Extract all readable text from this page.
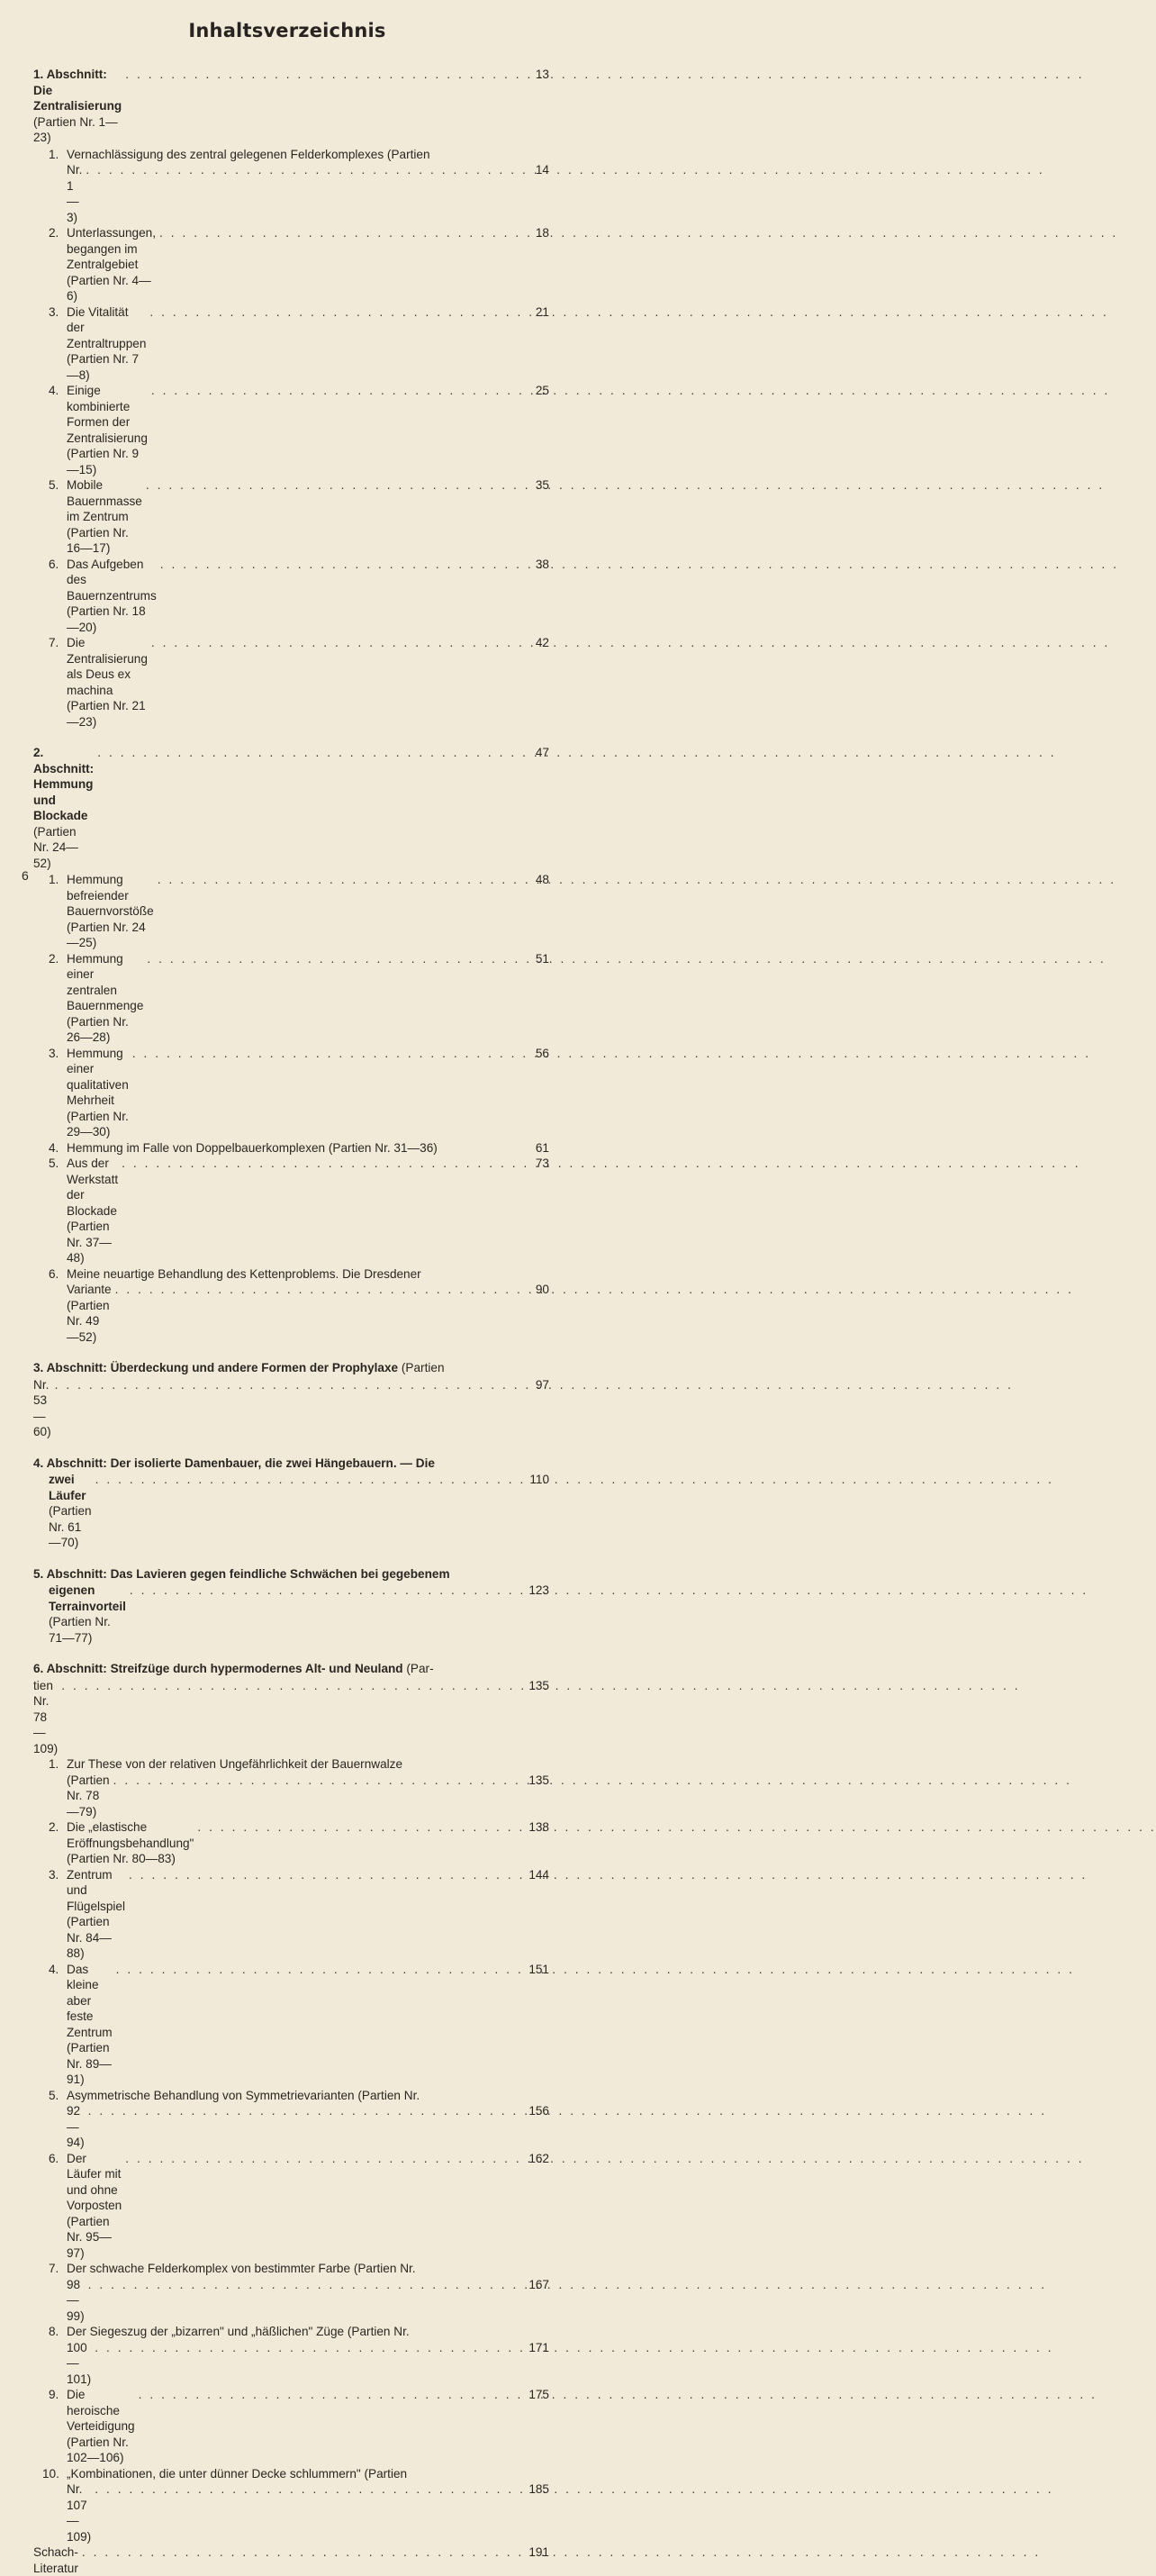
Inhaltsverzeichnis
1. Abschnitt: Die Zentralisierung (Partien Nr. 1—23)
. . .
13
1. Vernachlässigung des zentral gelegenen Felderkomplexes (Partien
Nr. 1—3)
. . .
14
2. Unterlassungen, begangen im Zentralgebiet (Partien Nr. 4—6)
. . .
18
3. Die Vitalität der Zentraltruppen (Partien Nr. 7—8)
. . .
21
4. Einige kombinierte Formen der Zentralisierung (Partien Nr. 9—15)
. . .
25
5. Mobile Bauernmasse im Zentrum (Partien Nr. 16—17)
. . .
35
6. Das Aufgeben des Bauernzentrums (Partien Nr. 18—20)
. . .
38
7. Die Zentralisierung als Deus ex machina (Partien Nr. 21—23)
. . .
42
2. Abschnitt: Hemmung und Blockade (Partien Nr. 24—52)
. . .
47
1. Hemmung befreiender Bauernvorstöße (Partien Nr. 24—25)
. . .
48
2. Hemmung einer zentralen Bauernmenge (Partien Nr. 26—28)
. . .
51
3. Hemmung einer qualitativen Mehrheit (Partien Nr. 29—30)
. . .
56
4. Hemmung im Falle von Doppelbauerkomplexen (Partien Nr. 31—36)	61
5. Aus der Werkstatt der Blockade (Partien Nr. 37—48)
. . .
73
6. Meine neuartige Behandlung des Kettenproblems. Die Dresdener
Variante (Partien Nr. 49—52)
. . .
90
3. Abschnitt: Überdeckung und andere Formen der Prophylaxe (Partien
Nr. 53—60)
. . .
97
4. Abschnitt: Der isolierte Damenbauer, die zwei Hängebauern. — Die
zwei Läufer (Partien Nr. 61—70)
. . .
110
5. Abschnitt: Das Lavieren gegen feindliche Schwächen bei gegebenem
eigenen Terrainvorteil (Partien Nr. 71—77)
. . .
123
6. Abschnitt: Streifzüge durch hypermodernes Alt- und Neuland (Par-
tien Nr. 78—109)
. . .
135
1. Zur These von der relativen Ungefährlichkeit der Bauernwalze
(Partien Nr. 78—79)
. . .
135
2. Die „elastische Eröffnungsbehandlung" (Partien Nr. 80—83)
. . .
138
3. Zentrum und Flügelspiel (Partien Nr. 84—88)
. . .
144
4. Das kleine aber feste Zentrum (Partien Nr. 89—91)
. . .
151
5. Asymmetrische Behandlung von Symmetrievarianten (Partien Nr.
92—94)
. . .
156
6. Der Läufer mit und ohne Vorposten (Partien Nr. 95—97)
. . .
162
7. Der schwache Felderkomplex von bestimmter Farbe (Partien Nr.
98—99)
. . .
167
8. Der Siegeszug der „bizarren" und „häßlichen" Züge (Partien Nr.
100—101)
. . .
171
9. Die heroische Verteidigung (Partien Nr. 102—106)
. . .
175
10. „Kombinationen, die unter dünner Decke schlummern" (Partien
Nr. 107—109)
. . .
185
Schach-Literatur
. . .
191
6
